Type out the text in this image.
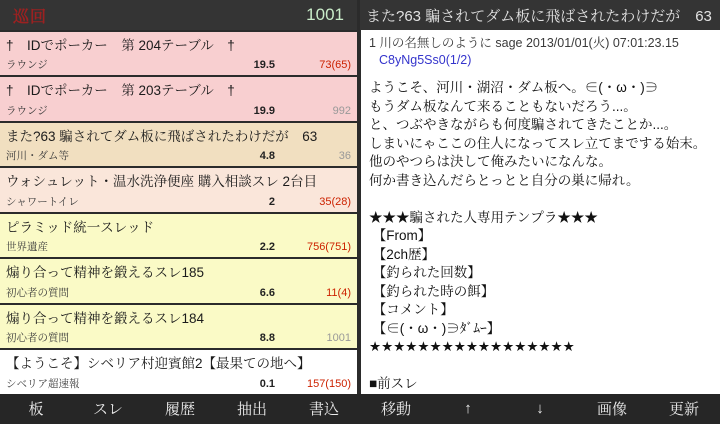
巡回	1001 また?63 騙されてダム板に飛ばされたわけだが　63
†　IDでポーカー　第 204テーブル　†
ラウンジ	19.5	73(65)
†　IDでポーカー　第 203テーブル　†
ラウンジ	19.9	992
また?63 騙されてダム板に飛ばされたわけだが　63
河川・ダム等	4.8	36
ウォシュレット・温水洗浄便座 購入相談スレ 2台目
シャワートイレ	2	35(28)
ピラミッド統一スレッド
世界遺産	2.2	756(751)
煽り合って精神を鍛えるスレ185
初心者の質問	6.6	11(4)
煽り合って精神を鍛えるスレ184
初心者の質問	8.8	1001
【ようこそ】シベリア村迎賓館2【最果ての地へ】
シベリア超速報	0.1	157(150)
1 川の名無しのように sage 2013/01/01(火) 07:01:23.15
C8yNg5Ss0(1/2)
ようこそ、河川・湖沼・ダム板へ。∈(・ω・)∋
もうダム板なんて来ることもないだろう...。
と、つぶやきながらも何度騙されてきたことか...。
しまいにゃここの住人になってスレ立てまでする始末。
他のやつらは決して俺みたいになんな。
何か書き込んだらとっとと自分の巣に帰れ。
★★★騙された人専用テンプラ★★★
【From】
【2ch歴】
【釣られた回数】
【釣られた時の餌】
【コメント】
【∈(・ω・)∋ﾀﾞﾑｰ】
★★★★★★★★★★★★★★★★★
■前スレ
板	スレ	履歴	抽出	書込	移動	↑	↓	画像	更新
